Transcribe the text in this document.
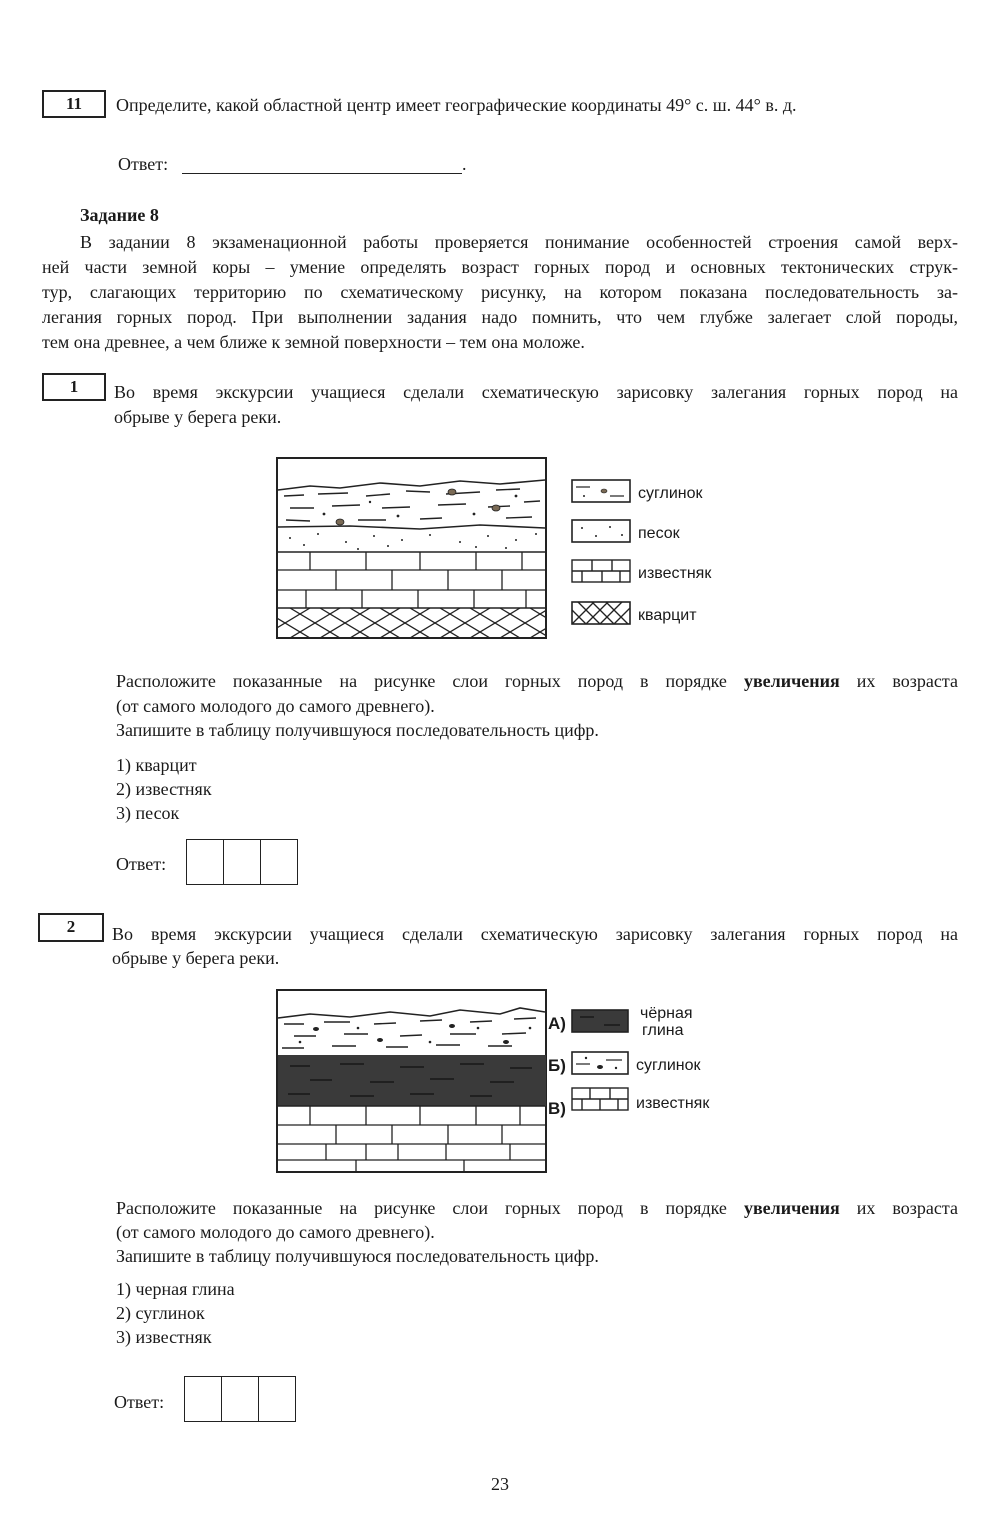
11	Определите, какой областной центр имеет географические координаты 49° с. ш. 44° в. д.
Ответ:	.
Задание 8
В задании 8 экзаменационной работы проверяется понимание особенностей строения самой верх-
ней части земной коры – умение определять возраст горных пород и основных тектонических струк-
тур, слагающих территорию по схематическому рисунку, на котором показана последовательность за-
легания горных пород. При выполнении задания надо помнить, что чем глубже залегает слой породы,
тем она древнее, а чем ближе к земной поверхности – тем она моложе.
1	Во время экскурсии учащиеся сделали схематическую зарисовку залегания горных пород на
обрыве у берега реки.
суглинок
песок
известняк
кварцит
Расположите показанные на рисунке слои горных пород в порядке увеличения их возраста
(от самого молодого до самого древнего).
Запишите в таблицу получившуюся последовательность цифр.
1) кварцит
2) известняк
3) песок
Ответ:
2	Во время экскурсии учащиеся сделали схематическую зарисовку залегания горных пород на
обрыве у берега реки.
А)
Б)
В)
чёрная
глина
суглинок
известняк
Расположите показанные на рисунке слои горных пород в порядке увеличения их возраста
(от самого молодого до самого древнего).
Запишите в таблицу получившуюся последовательность цифр.
1) черная глина
2) суглинок
3) известняк
Ответ:
23
